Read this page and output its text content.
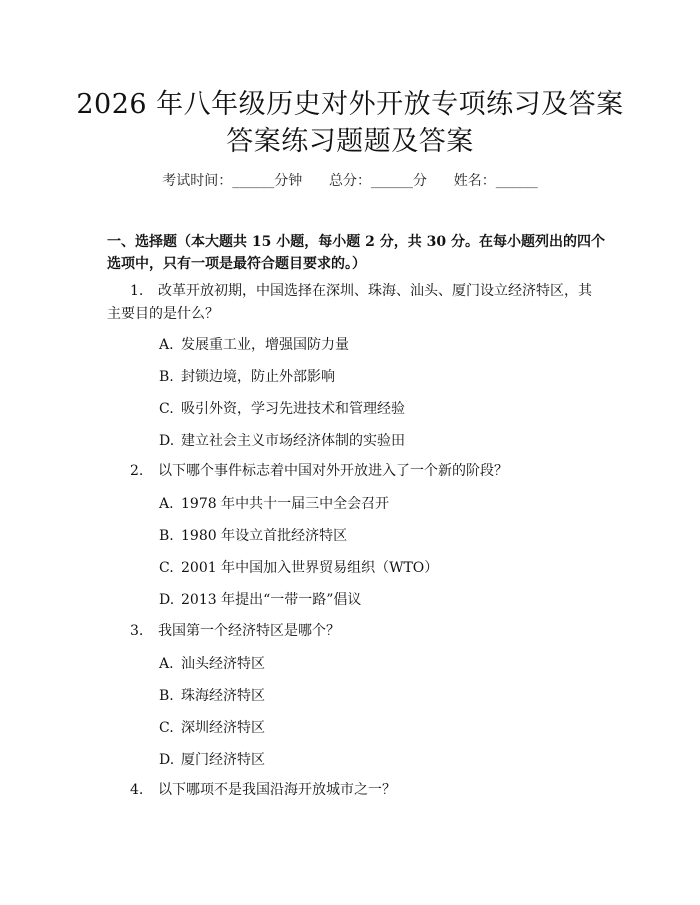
2026 年八年级历史对外开放专项练习及答案
答案练习题题及答案
考试时间：______分钟      总分：______分      姓名：______
一、选择题（本大题共 15 小题，每小题 2 分，共 30 分。在每小题列出的四个选项中，只有一项是最符合题目要求的。）
1. 改革开放初期，中国选择在深圳、珠海、汕头、厦门设立经济特区，其主要目的是什么？
A. 发展重工业，增强国防力量
B. 封锁边境，防止外部影响
C. 吸引外资，学习先进技术和管理经验
D. 建立社会主义市场经济体制的实验田
2. 以下哪个事件标志着中国对外开放进入了一个新的阶段？
A. 1978 年中共十一届三中全会召开
B. 1980 年设立首批经济特区
C. 2001 年中国加入世界贸易组织（WTO）
D. 2013 年提出“一带一路”倡议
3. 我国第一个经济特区是哪个？
A. 汕头经济特区
B. 珠海经济特区
C. 深圳经济特区
D. 厦门经济特区
4. 以下哪项不是我国沿海开放城市之一？
